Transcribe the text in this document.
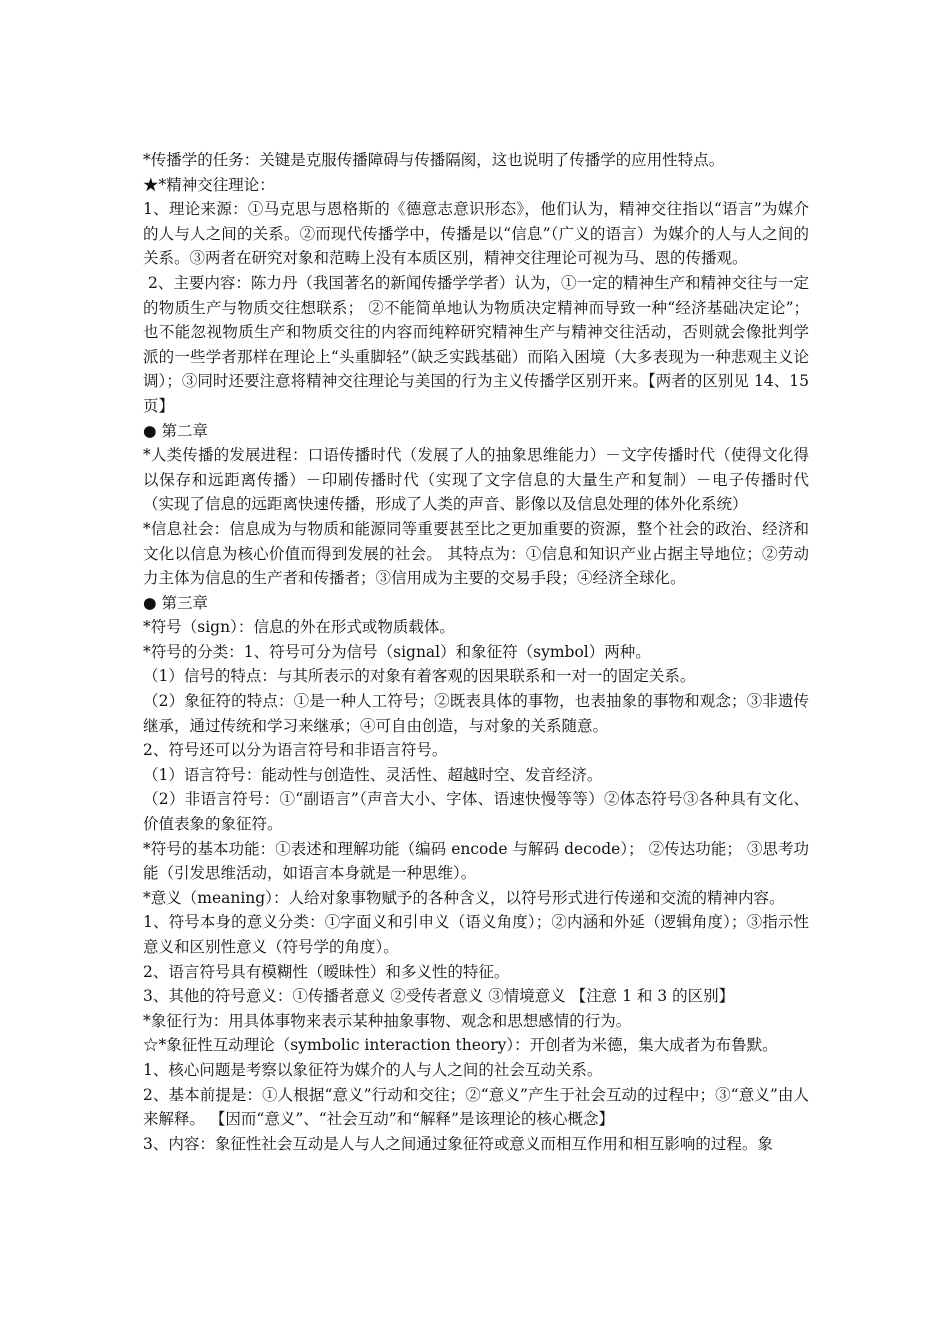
*传播学的任务：关键是克服传播障碍与传播隔阂，这也说明了传播学的应用性特点。

★*精神交往理论：

1、理论来源：①马克思与恩格斯的《德意志意识形态》，他们认为，精神交往指以“语言”为媒介的人与人之间的关系。②而现代传播学中，传播是以“信息”（广义的语言）为媒介的人与人之间的关系。③两者在研究对象和范畴上没有本质区别，精神交往理论可视为马、恩的传播观。

2、主要内容：陈力丹（我国著名的新闻传播学学者）认为，①一定的精神生产和精神交往与一定的物质生产与物质交往想联系； ②不能简单地认为物质决定精神而导致一种“经济基础决定论”；也不能忽视物质生产和物质交往的内容而纯粹研究精神生产与精神交往活动，否则就会像批判学派的一些学者那样在理论上“头重脚轻”（缺乏实践基础）而陷入困境（大多表现为一种悲观主义论调）；③同时还要注意将精神交往理论与美国的行为主义传播学区别开来。【两者的区别见 14、15 页】

● 第二章

*人类传播的发展进程：口语传播时代（发展了人的抽象思维能力）－文字传播时代（使得文化得以保存和远距离传播）－印刷传播时代（实现了文字信息的大量生产和复制）－电子传播时代（实现了信息的远距离快速传播，形成了人类的声音、影像以及信息处理的体外化系统）

*信息社会：信息成为与物质和能源同等重要甚至比之更加重要的资源，整个社会的政治、经济和文化以信息为核心价值而得到发展的社会。 其特点为：①信息和知识产业占据主导地位；②劳动力主体为信息的生产者和传播者；③信用成为主要的交易手段；④经济全球化。

● 第三章

*符号（sign）：信息的外在形式或物质载体。

*符号的分类：1、符号可分为信号（signal）和象征符（symbol）两种。

（1）信号的特点：与其所表示的对象有着客观的因果联系和一对一的固定关系。

（2）象征符的特点：①是一种人工符号；②既表具体的事物，也表抽象的事物和观念；③非遗传继承，通过传统和学习来继承；④可自由创造，与对象的关系随意。

2、符号还可以分为语言符号和非语言符号。

（1）语言符号：能动性与创造性、灵活性、超越时空、发音经济。

（2）非语言符号：①“副语言”（声音大小、字体、语速快慢等等）②体态符号③各种具有文化、价值表象的象征符。

*符号的基本功能：①表述和理解功能（编码 encode 与解码 decode）； ②传达功能； ③思考功能（引发思维活动，如语言本身就是一种思维）。

*意义（meaning）：人给对象事物赋予的各种含义，以符号形式进行传递和交流的精神内容。

1、符号本身的意义分类：①字面义和引申义（语义角度）；②内涵和外延（逻辑角度）；③指示性意义和区别性意义（符号学的角度）。

2、语言符号具有模糊性（暧昧性）和多义性的特征。

3、其他的符号意义：①传播者意义 ②受传者意义 ③情境意义 【注意 1 和 3 的区别】

*象征行为：用具体事物来表示某种抽象事物、观念和思想感情的行为。

☆*象征性互动理论（symbolic interaction theory）：开创者为米德，集大成者为布鲁默。

1、核心问题是考察以象征符为媒介的人与人之间的社会互动关系。

2、基本前提是：①人根据“意义”行动和交往；②“意义”产生于社会互动的过程中；③“意义”由人来解释。 【因而“意义”、“社会互动”和“解释”是该理论的核心概念】

3、内容：象征性社会互动是人与人之间通过象征符或意义而相互作用和相互影响的过程。象
